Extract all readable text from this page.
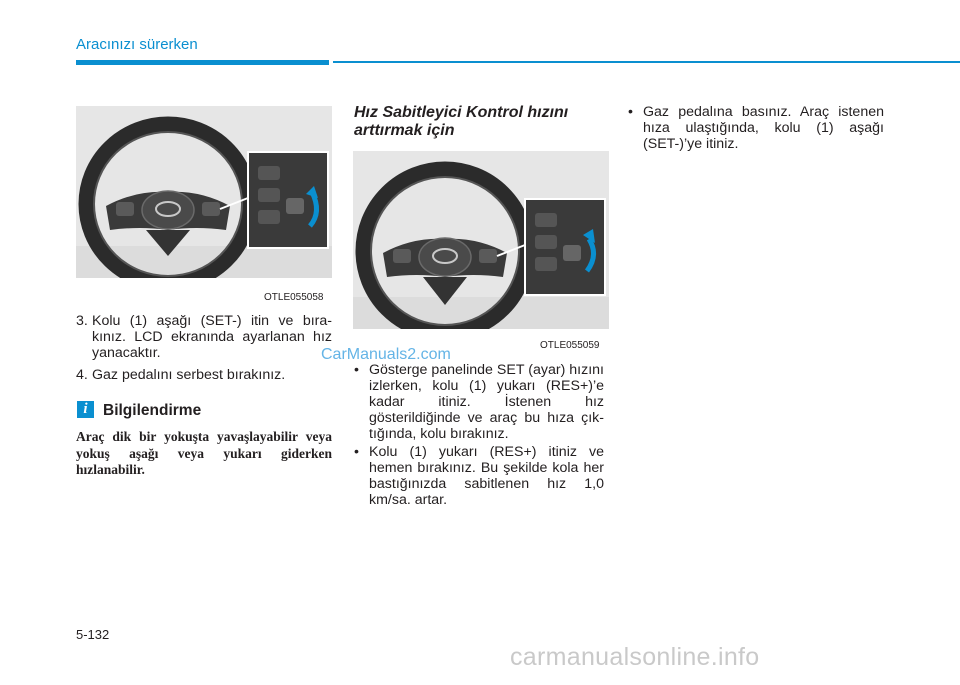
Aracınızı sürerken
OTLE055058
3. Kolu (1) aşağı (SET-) itin ve bıra-kınız. LCD ekranında ayarlanan hız yanacaktır.
4. Gaz pedalını serbest bırakınız.
i Bilgilendirme
Araç dik bir yokuşta yavaşlayabilir veya yokuş aşağı veya yukarı giderken hızlanabilir.
Hız Sabitleyici Kontrol hızını arttırmak için
OTLE055059
• Gösterge panelinde SET (ayar) hızını izlerken, kolu (1) yukarı (RES+)’e kadar itiniz. İstenen hız gösterildiğinde ve araç bu hıza çık-tığında, kolu bırakınız.
• Kolu (1) yukarı (RES+) itiniz ve hemen bırakınız. Bu şekilde kola her bastığınızda sabitlenen hız 1,0 km/sa. artar.
• Gaz pedalına basınız. Araç istenen hıza ulaştığında, kolu (1) aşağı (SET-)’ye itiniz.
5-132
CarManuals2.com
carmanualsonline.info
